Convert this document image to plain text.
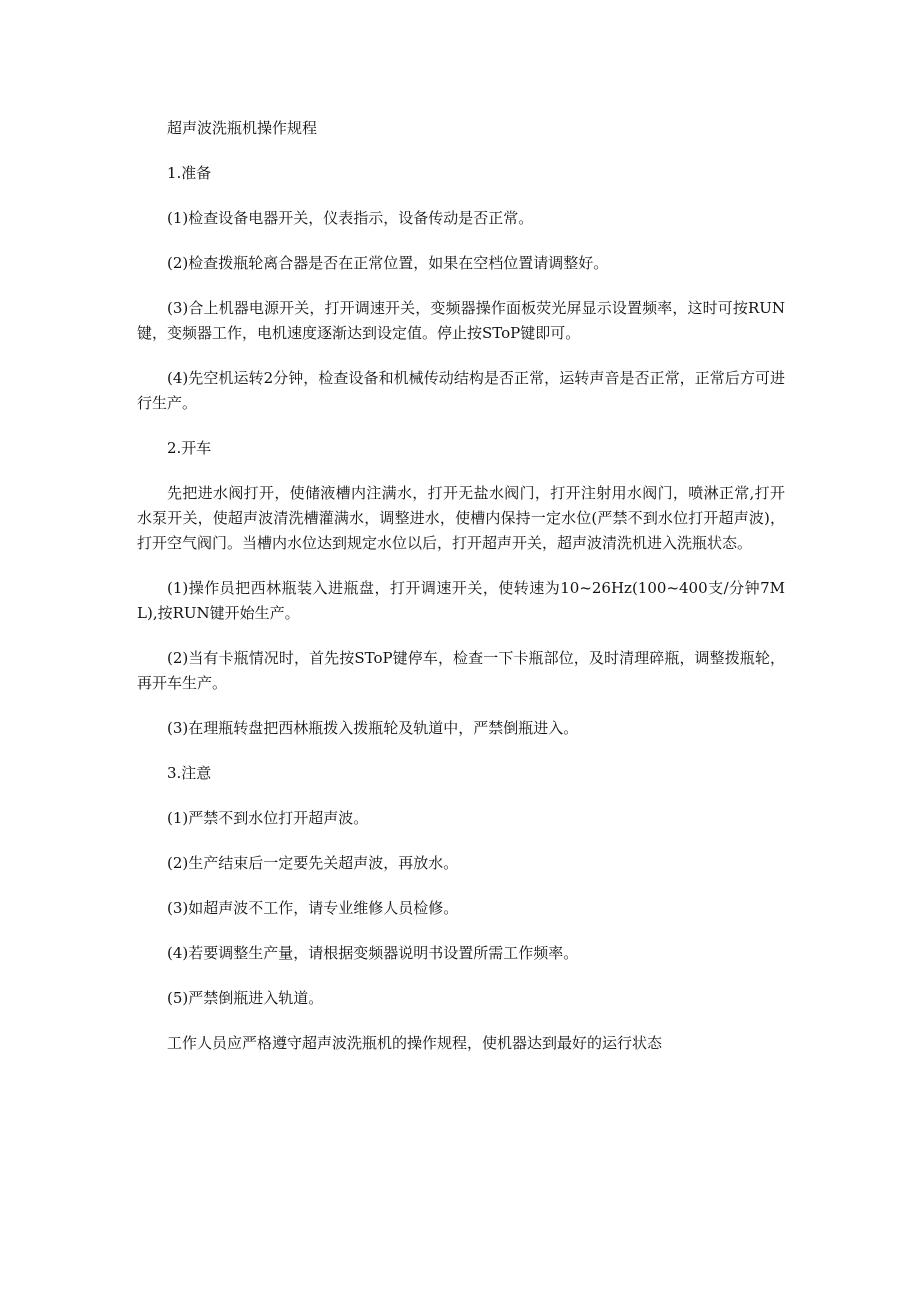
超声波洗瓶机操作规程

1.准备

(1)检查设备电器开关，仪表指示，设备传动是否正常。

(2)检查拨瓶轮离合器是否在正常位置，如果在空档位置请调整好。

(3)合上机器电源开关，打开调速开关，变频器操作面板荧光屏显示设置频率，这时可按RUN键，变频器工作，电机速度逐渐达到设定值。停止按SToP键即可。

(4)先空机运转2分钟，检查设备和机械传动结构是否正常，运转声音是否正常，正常后方可进行生产。

2.开车

先把进水阀打开，使储液槽内注满水，打开无盐水阀门，打开注射用水阀门，喷淋正常,打开水泵开关，使超声波清洗槽灌满水，调整进水，使槽内保持一定水位(严禁不到水位打开超声波)，打开空气阀门。当槽内水位达到规定水位以后，打开超声开关，超声波清洗机进入洗瓶状态。

(1)操作员把西林瓶装入进瓶盘，打开调速开关，使转速为10~26Hz(100~400支/分钟7ML),按RUN键开始生产。

(2)当有卡瓶情况时，首先按SToP键停车，检查一下卡瓶部位，及时清理碎瓶，调整拨瓶轮，再开车生产。

(3)在理瓶转盘把西林瓶拨入拨瓶轮及轨道中，严禁倒瓶进入。

3.注意

(1)严禁不到水位打开超声波。

(2)生产结束后一定要先关超声波，再放水。

(3)如超声波不工作，请专业维修人员检修。

(4)若要调整生产量，请根据变频器说明书设置所需工作频率。

(5)严禁倒瓶进入轨道。

工作人员应严格遵守超声波洗瓶机的操作规程，使机器达到最好的运行状态
